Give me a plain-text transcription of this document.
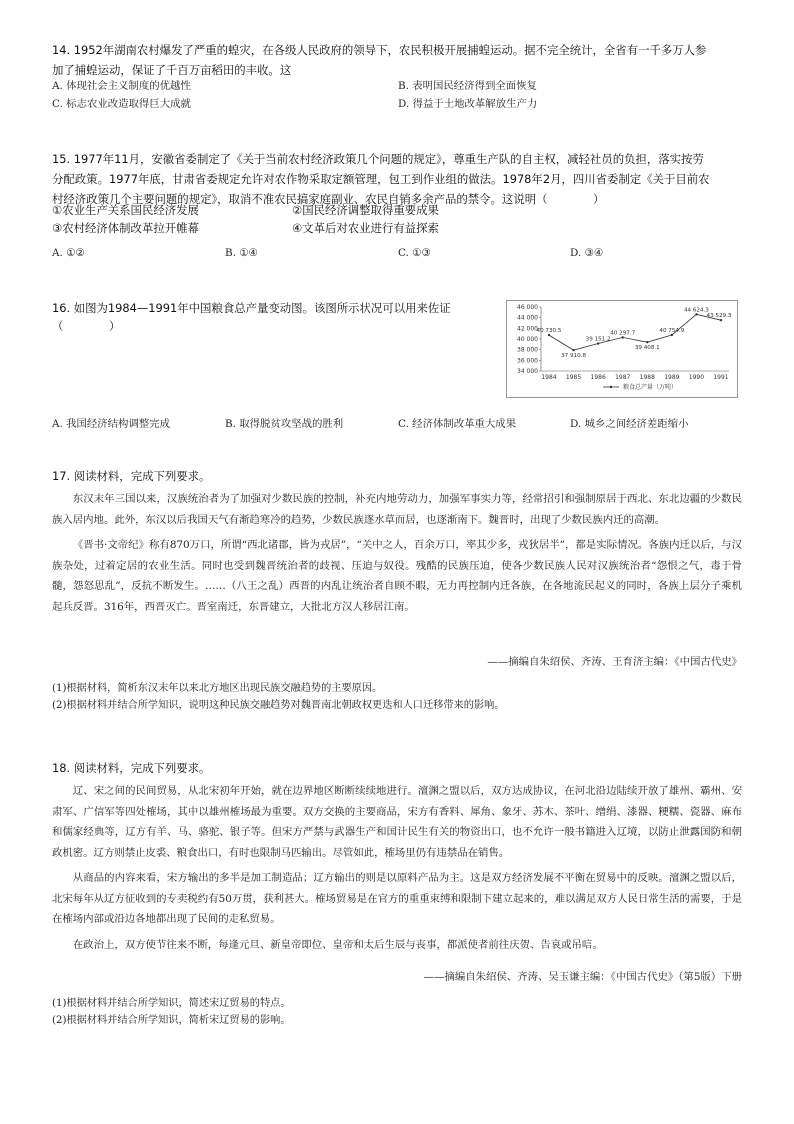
14. 1952年湖南农村爆发了严重的蝗灾，在各级人民政府的领导下，农民积极开展捕蝗运动。据不完全统计，全省有一千多万人参
加了捕蝗运动，保证了千百万亩稻田的丰收。这
A. 体现社会主义制度的优越性	B. 表明国民经济得到全面恢复
C. 标志农业改造取得巨大成就	D. 得益于土地改革解放生产力
15. 1977年11月，安徽省委制定了《关于当前农村经济政策几个问题的规定》，尊重生产队的自主权，减轻社员的负担，落实按劳
分配政策。1977年底，甘肃省委规定允许对农作物采取定额管理，包工到作业组的做法。1978年2月，四川省委制定《关于目前农
村经济政策几个主要问题的规定》，取消不准农民搞家庭副业、农民自销多余产品的禁令。这说明（　　　　）
①农业生产关系国民经济发展	②国民经济调整取得重要成果
③农村经济体制改革拉开帷幕	④文革后对农业进行有益探索
A. ①②	B. ①④	C. ①③	D. ③④
16. 如图为1984—1991年中国粮食总产量变动图。该图所示状况可以用来佐证
（　　　　）
46 000
44 000
42 000
40 000
38 000
36 000
34 000
1984 1985 1986 1987 1988 1989 1990 1991
40 730.5
37 910.8
39 151.2
40 297.7
39 408.1
40 754.9
44 624.3
43 529.3
粮食总产量（万吨）
A. 我国经济结构调整完成	B. 取得脱贫攻坚战的胜利	C. 经济体制改革重大成果	D. 城乡之间经济差距缩小
17. 阅读材料，完成下列要求。

东汉末年三国以来，汉族统治者为了加强对少数民族的控制，补充内地劳动力，加强军事实力等，经常招引和强制原居于西北、东北边疆的少数民族入居内地。此外，东汉以后我国天气有渐趋寒冷的趋势，少数民族逐水草而居，也逐渐南下。魏晋时，出现了少数民族内迁的高潮。

《晋书·文帝纪》称有870万口，所谓“西北诸郡，皆为戎居”，“关中之人，百余万口，率其少多，戎狄居半”，都是实际情况。各族内迁以后，与汉族杂处，过着定居的农业生活。同时也受到魏晋统治者的歧视、压迫与奴役。残酷的民族压迫，使各少数民族人民对汉族统治者“怨恨之气，毒于骨髓，怨怒思乱”，反抗不断发生。……（八王之乱）西晋的内乱让统治者自顾不暇，无力再控制内迁各族，在各地流民起义的同时，各族上层分子乘机起兵反晋。316年，西晋灭亡。晋室南迁，东晋建立，大批北方汉人移居江南。

——摘编自朱绍侯、齐涛、王育济主编：《中国古代史》
(1)根据材料，简析东汉末年以来北方地区出现民族交融趋势的主要原因。
(2)根据材料并结合所学知识，说明这种民族交融趋势对魏晋南北朝政权更迭和人口迁移带来的影响。
18. 阅读材料，完成下列要求。

辽、宋之间的民间贸易，从北宋初年开始，就在边界地区断断续续地进行。澶渊之盟以后，双方达成协议，在河北沿边陆续开放了雄州、霸州、安肃军、广信军等四处榷场，其中以雄州榷场最为重要。双方交换的主要商品，宋方有香料、犀角、象牙、苏木、茶叶、缯绢、漆器、粳糯、瓷器、麻布和儒家经典等，辽方有羊、马、骆驼、银子等。但宋方严禁与武器生产和国计民生有关的物资出口，也不允许一般书籍进入辽境，以防止泄露国防和朝政机密。辽方则禁止皮裘、粮食出口，有时也限制马匹输出。尽管如此，榷场里仍有违禁品在销售。

从商品的内容来看，宋方输出的多半是加工制造品；辽方输出的则是以原料产品为主。这是双方经济发展不平衡在贸易中的反映。澶渊之盟以后，北宋每年从辽方征收到的专卖税约有50万贯，获利甚大。榷场贸易是在官方的重重束缚和限制下建立起来的，难以满足双方人民日常生活的需要，于是在榷场内部或沿边各地都出现了民间的走私贸易。

在政治上，双方使节往来不断，每逢元旦、新皇帝即位、皇帝和太后生辰与丧事，都派使者前往庆贺、告哀或吊唁。

——摘编自朱绍侯、齐涛、吴玉谦主编：《中国古代史》（第5版）下册
(1)根据材料并结合所学知识，简述宋辽贸易的特点。
(2)根据材料并结合所学知识，简析宋辽贸易的影响。
